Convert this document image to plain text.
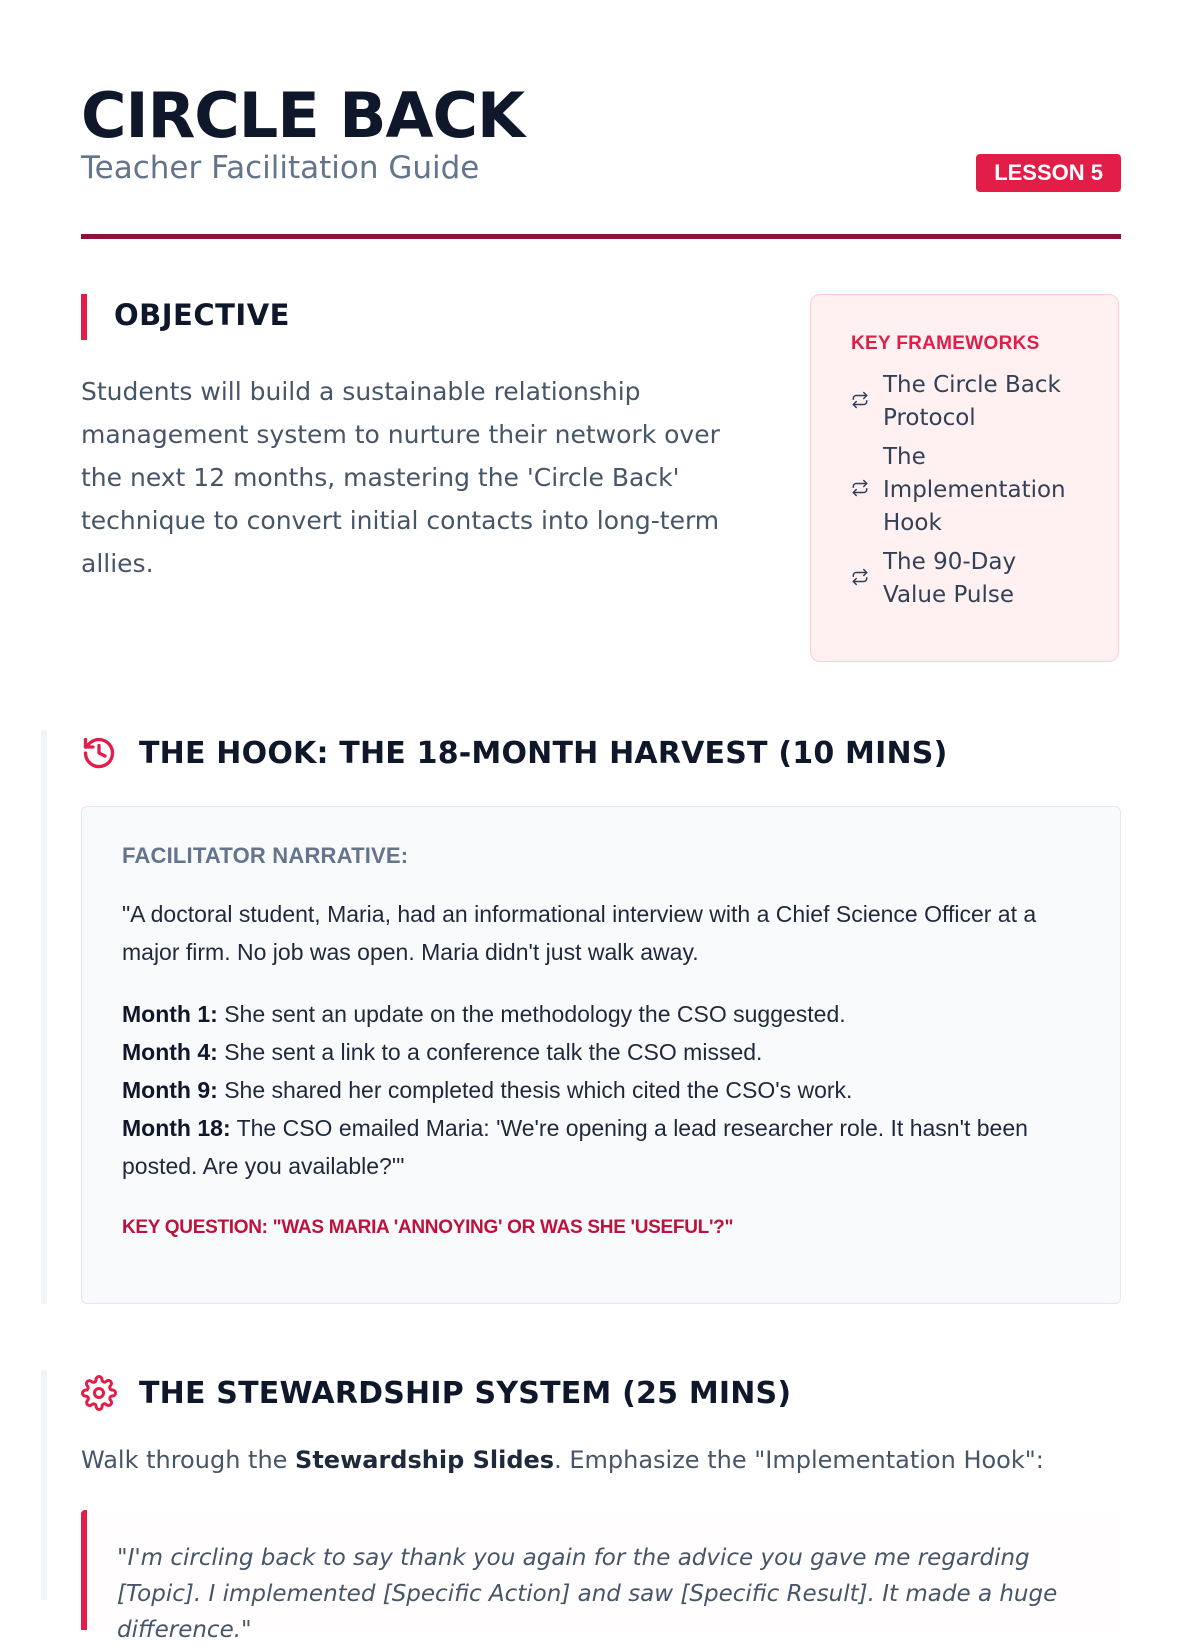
CIRCLE BACK
Teacher Facilitation Guide	LESSON 5
OBJECTIVE
Students will build a sustainable relationship management system to nurture their network over the next 12 months, mastering the 'Circle Back' technique to convert initial contacts into long-term allies.
KEY FRAMEWORKS
The Circle Back Protocol
The Implementation Hook
The 90-Day Value Pulse
THE HOOK: THE 18-MONTH HARVEST (10 MINS)
FACILITATOR NARRATIVE:

"A doctoral student, Maria, had an informational interview with a Chief Science Officer at a major firm. No job was open. Maria didn't just walk away.

Month 1: She sent an update on the methodology the CSO suggested.

Month 4: She sent a link to a conference talk the CSO missed.

Month 9: She shared her completed thesis which cited the CSO's work.

Month 18: The CSO emailed Maria: 'We're opening a lead researcher role. It hasn't been posted. Are you available?'"

KEY QUESTION: "WAS MARIA 'ANNOYING' OR WAS SHE 'USEFUL'?"
THE STEWARDSHIP SYSTEM (25 MINS)
Walk through the Stewardship Slides. Emphasize the "Implementation Hook":

"I'm circling back to say thank you again for the advice you gave me regarding [Topic]. I implemented [Specific Action] and saw [Specific Result]. It made a huge difference."
